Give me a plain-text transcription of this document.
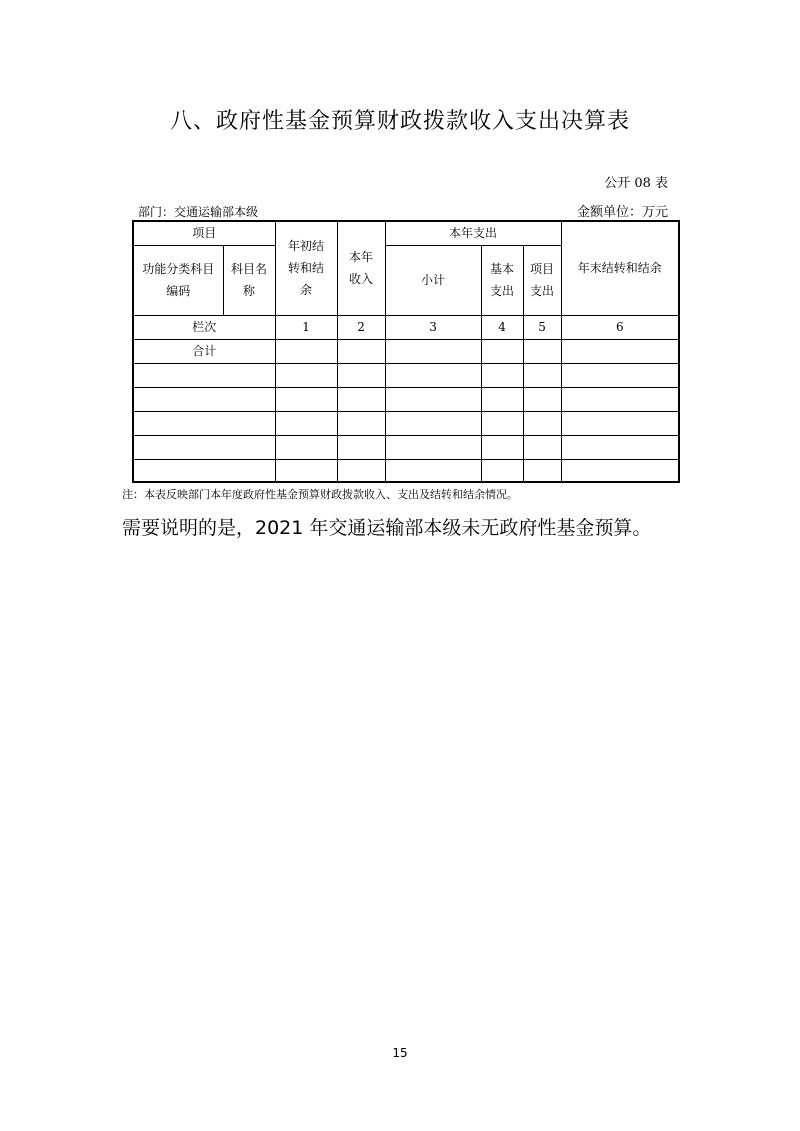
八、政府性基金预算财政拨款收入支出决算表
公开 08 表
部门：交通运输部本级	金额单位：万元
项目		年初结转和结余	本年收入	本年支出			年末结转和结余

功能分类科目编码	科目名称			小计	基本支出	项目支出	

栏次		1	2	3	4	5	6
合计							

注：本表反映部门本年度政府性基金预算财政拨款收入、支出及结转和结余情况。
需要说明的是，2021 年交通运输部本级未无政府性基金预算。
15
